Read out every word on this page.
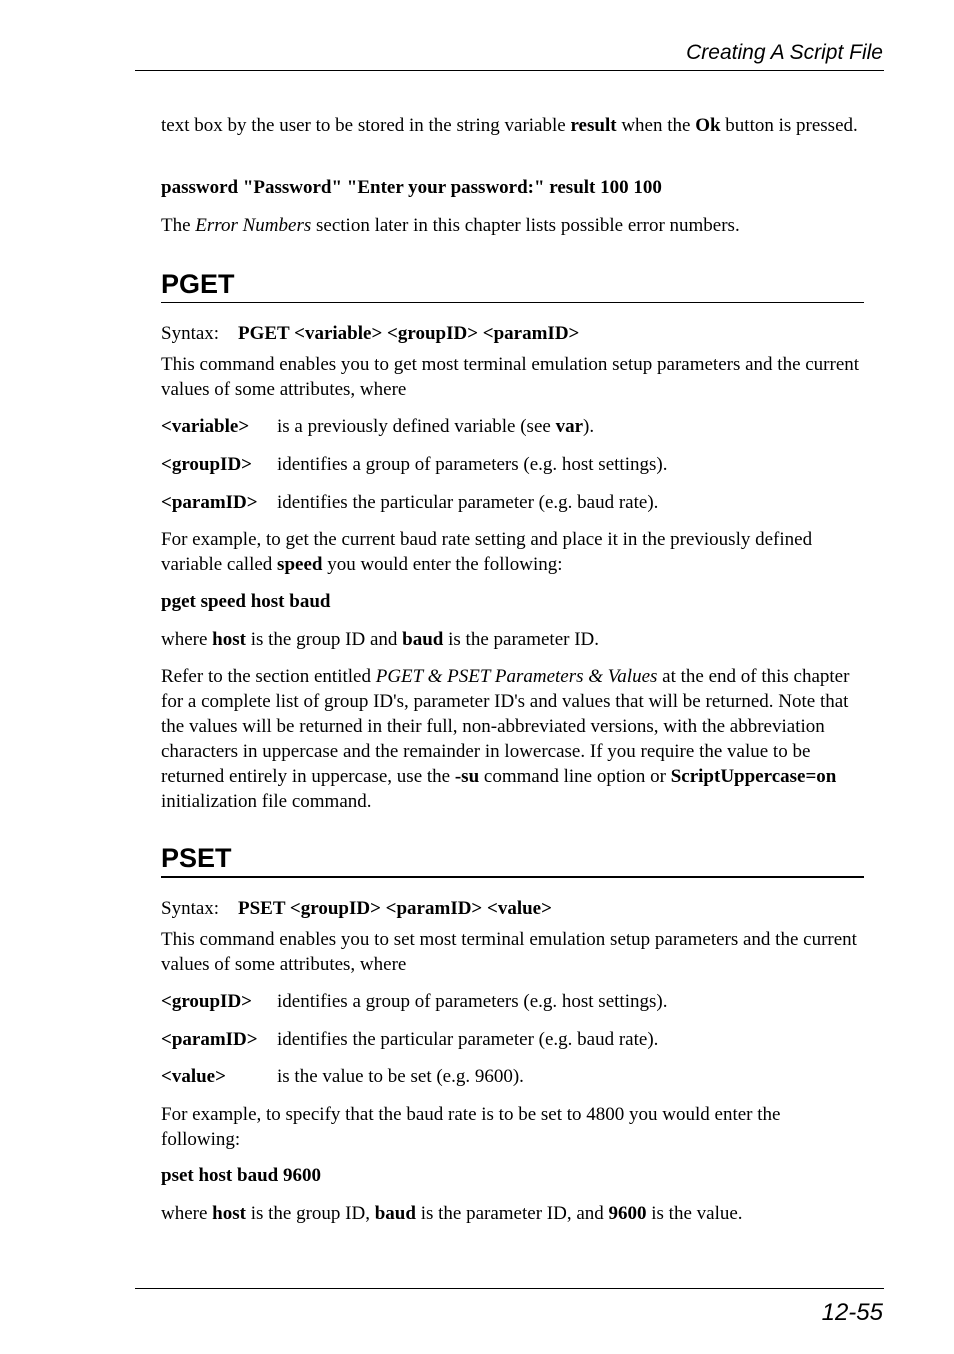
Creating A Script File
text box by the user to be stored in the string variable result when the Ok button is pressed.
password "Password" "Enter your password:" result 100 100
The Error Numbers section later in this chapter lists possible error numbers.
PGET
Syntax: PGET <variable> <groupID> <paramID>
This command enables you to get most terminal emulation setup parameters and the current values of some attributes, where
<variable>	is a previously defined variable (see var).
<groupID>	identifies a group of parameters (e.g. host settings).
<paramID>	identifies the particular parameter (e.g. baud rate).
For example, to get the current baud rate setting and place it in the previously defined variable called speed you would enter the following:
pget speed host baud
where host is the group ID and baud is the parameter ID.
Refer to the section entitled PGET & PSET Parameters & Values at the end of this chapter for a complete list of group ID's, parameter ID's and values that will be returned. Note that the values will be returned in their full, non-abbreviated versions, with the abbreviation characters in uppercase and the remainder in lowercase. If you require the value to be returned entirely in uppercase, use the -su command line option or ScriptUppercase=on initialization file command.
PSET
Syntax: PSET <groupID> <paramID> <value>
This command enables you to set most terminal emulation setup parameters and the current values of some attributes, where
<groupID>	identifies a group of parameters (e.g. host settings).
<paramID>	identifies the particular parameter (e.g. baud rate).
<value>	is the value to be set (e.g. 9600).
For example, to specify that the baud rate is to be set to 4800 you would enter the following:
pset host baud 9600
where host is the group ID, baud is the parameter ID, and 9600 is the value.
12-55
